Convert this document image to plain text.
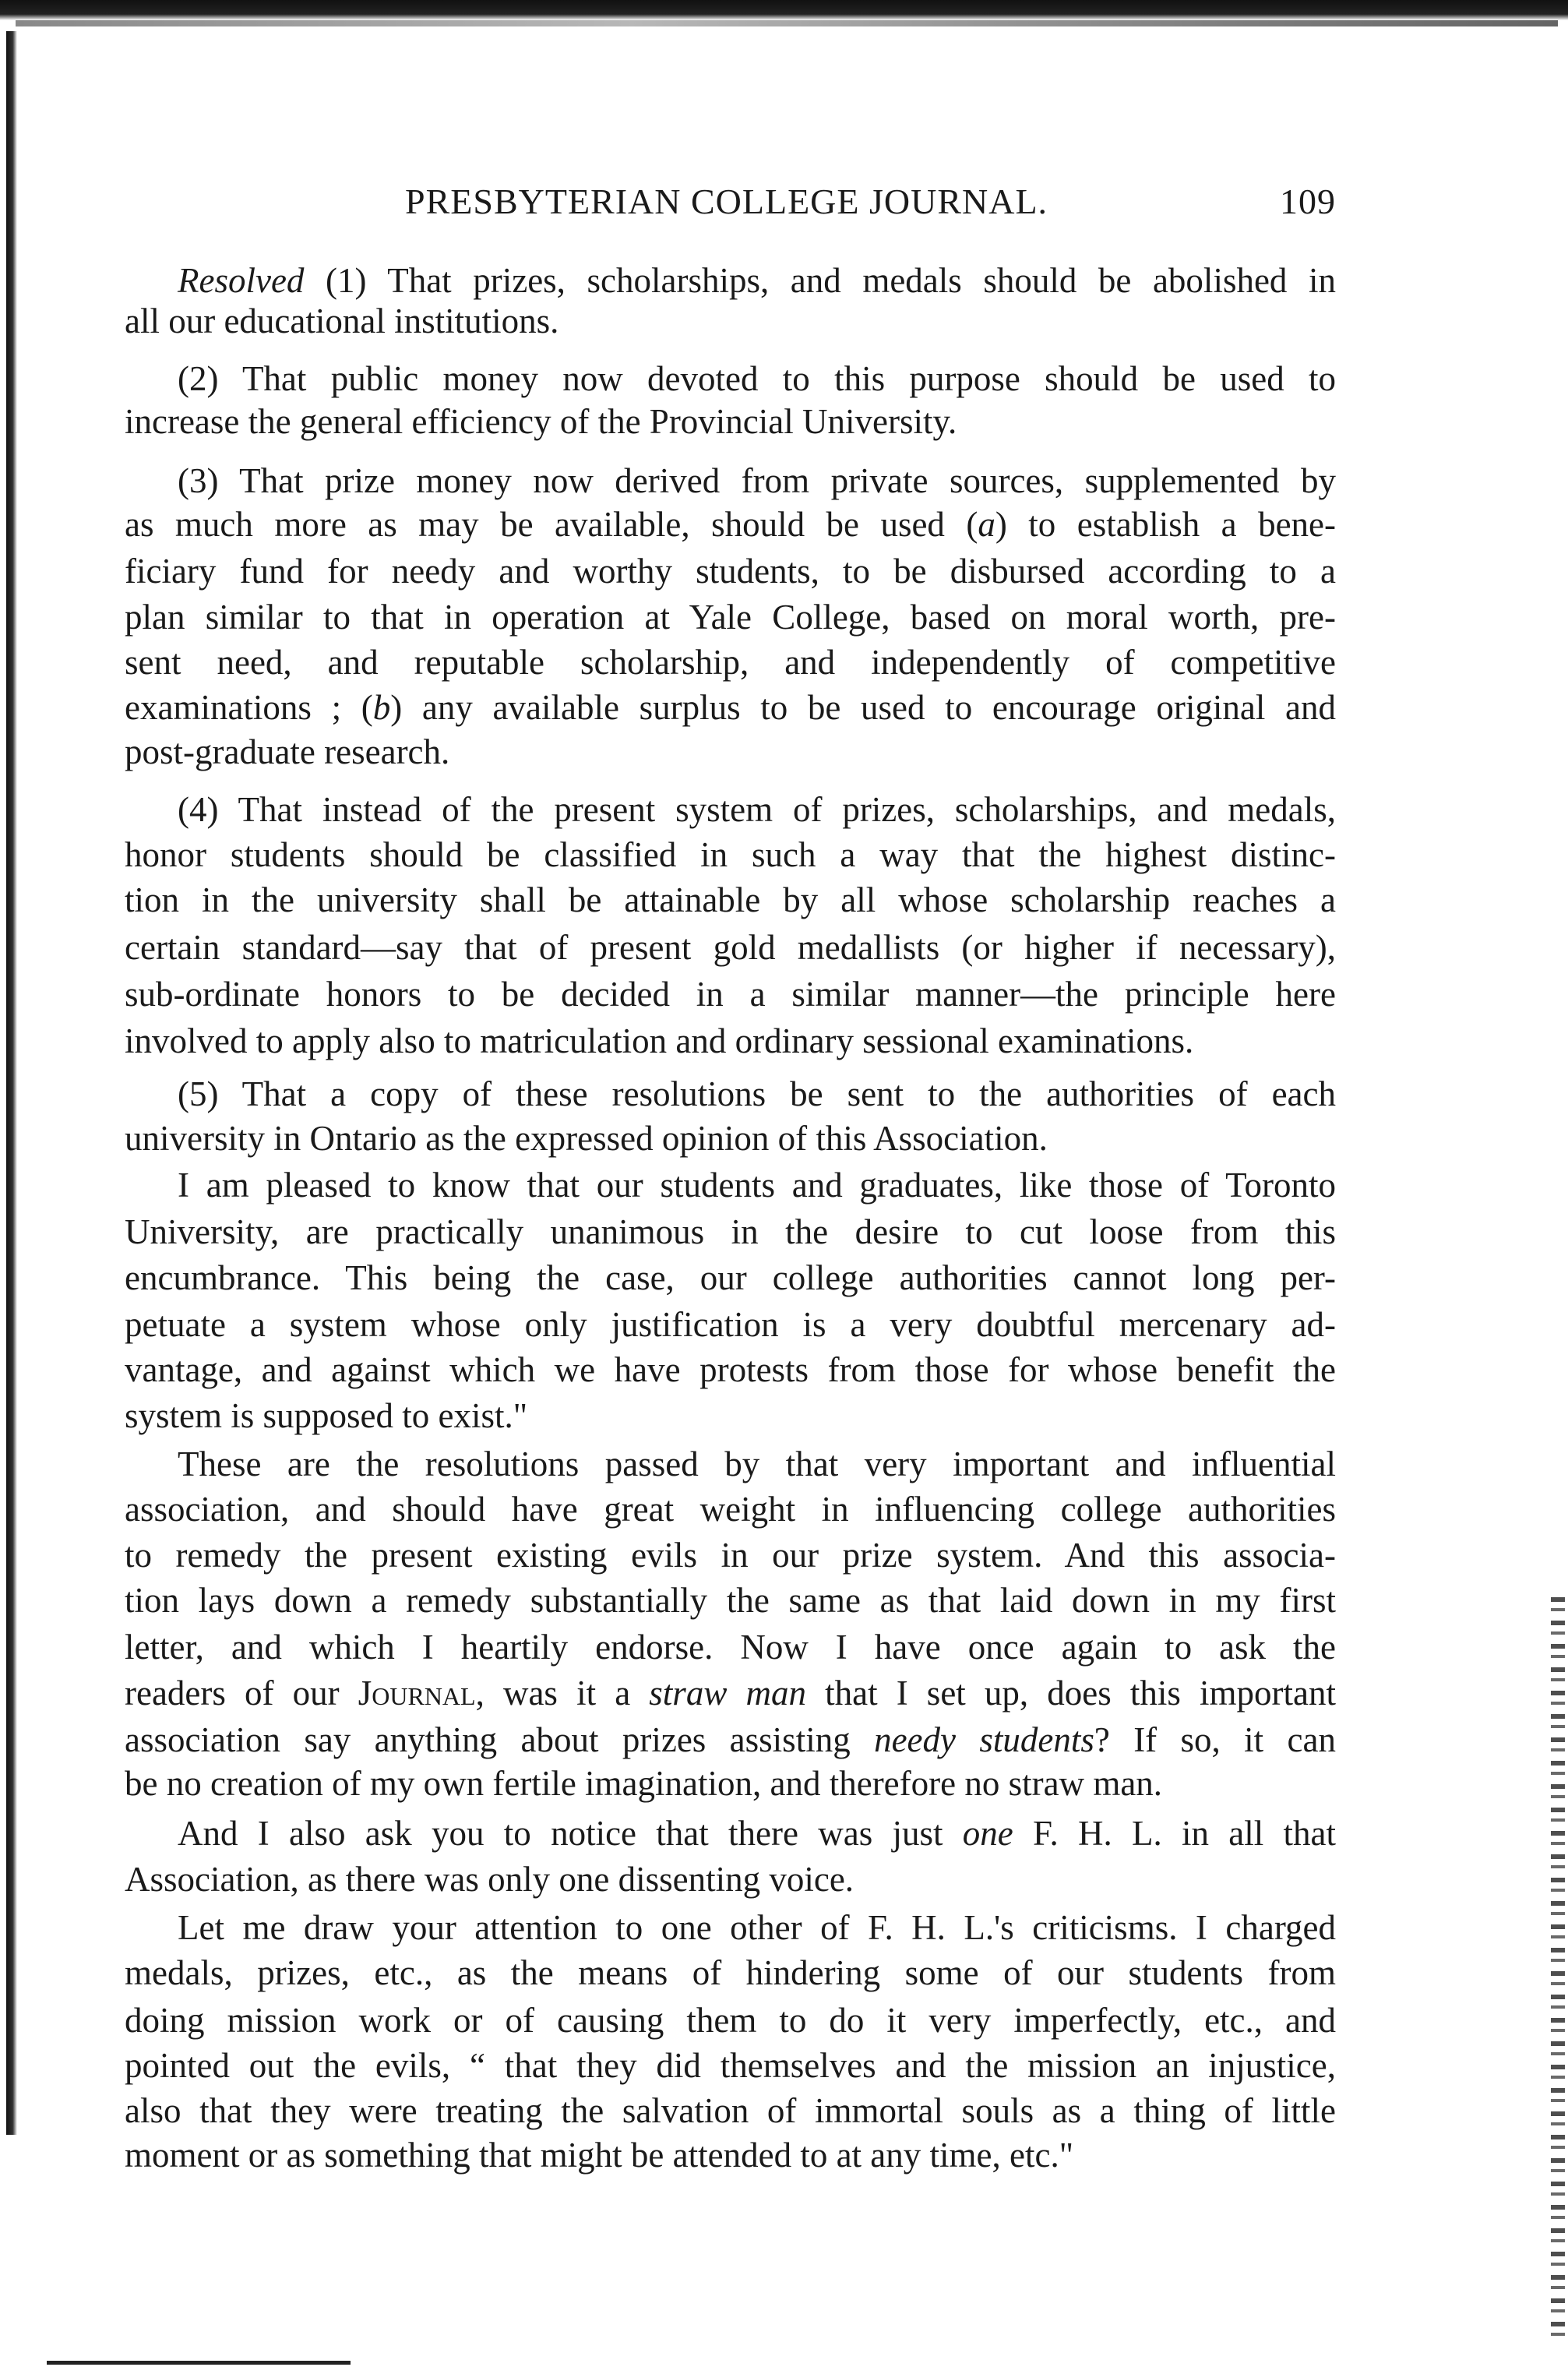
PRESBYTERIAN COLLEGE JOURNAL.	109
Resolved (1) That prizes, scholarships, and medals should be abolished in
all our educational institutions.
(2) That public money now devoted to this purpose should be used to
increase the general efficiency of the Provincial University.
(3) That prize money now derived from private sources, supplemented by
as much more as may be available, should be used (a) to establish a bene-
ficiary fund for needy and worthy students, to be disbursed according to a
plan similar to that in operation at Yale College, based on moral worth, pre-
sent need, and reputable scholarship, and independently of competitive
examinations ; (b) any available surplus to be used to encourage original and
post-graduate research.
(4) That instead of the present system of prizes, scholarships, and medals,
honor students should be classified in such a way that the highest distinc-
tion in the university shall be attainable by all whose scholarship reaches a
certain standard—say that of present gold medallists (or higher if necessary),
sub-ordinate honors to be decided in a similar manner—the principle here
involved to apply also to matriculation and ordinary sessional examinations.
(5) That a copy of these resolutions be sent to the authorities of each
university in Ontario as the expressed opinion of this Association.
I am pleased to know that our students and graduates, like those of Toronto
University, are practically unanimous in the desire to cut loose from this
encumbrance. This being the case, our college authorities cannot long per-
petuate a system whose only justification is a very doubtful mercenary ad-
vantage, and against which we have protests from those for whose benefit the
system is supposed to exist."
These are the resolutions passed by that very important and influential
association, and should have great weight in influencing college authorities
to remedy the present existing evils in our prize system. And this associa-
tion lays down a remedy substantially the same as that laid down in my first
letter, and which I heartily endorse. Now I have once again to ask the
readers of our Journal, was it a straw man that I set up, does this important
association say anything about prizes assisting needy students? If so, it can
be no creation of my own fertile imagination, and therefore no straw man.
And I also ask you to notice that there was just one F. H. L. in all that
Association, as there was only one dissenting voice.
Let me draw your attention to one other of F. H. L.'s criticisms. I charged
medals, prizes, etc., as the means of hindering some of our students from
doing mission work or of causing them to do it very imperfectly, etc., and
pointed out the evils, “ that they did themselves and the mission an injustice,
also that they were treating the salvation of immortal souls as a thing of little
moment or as something that might be attended to at any time, etc."
